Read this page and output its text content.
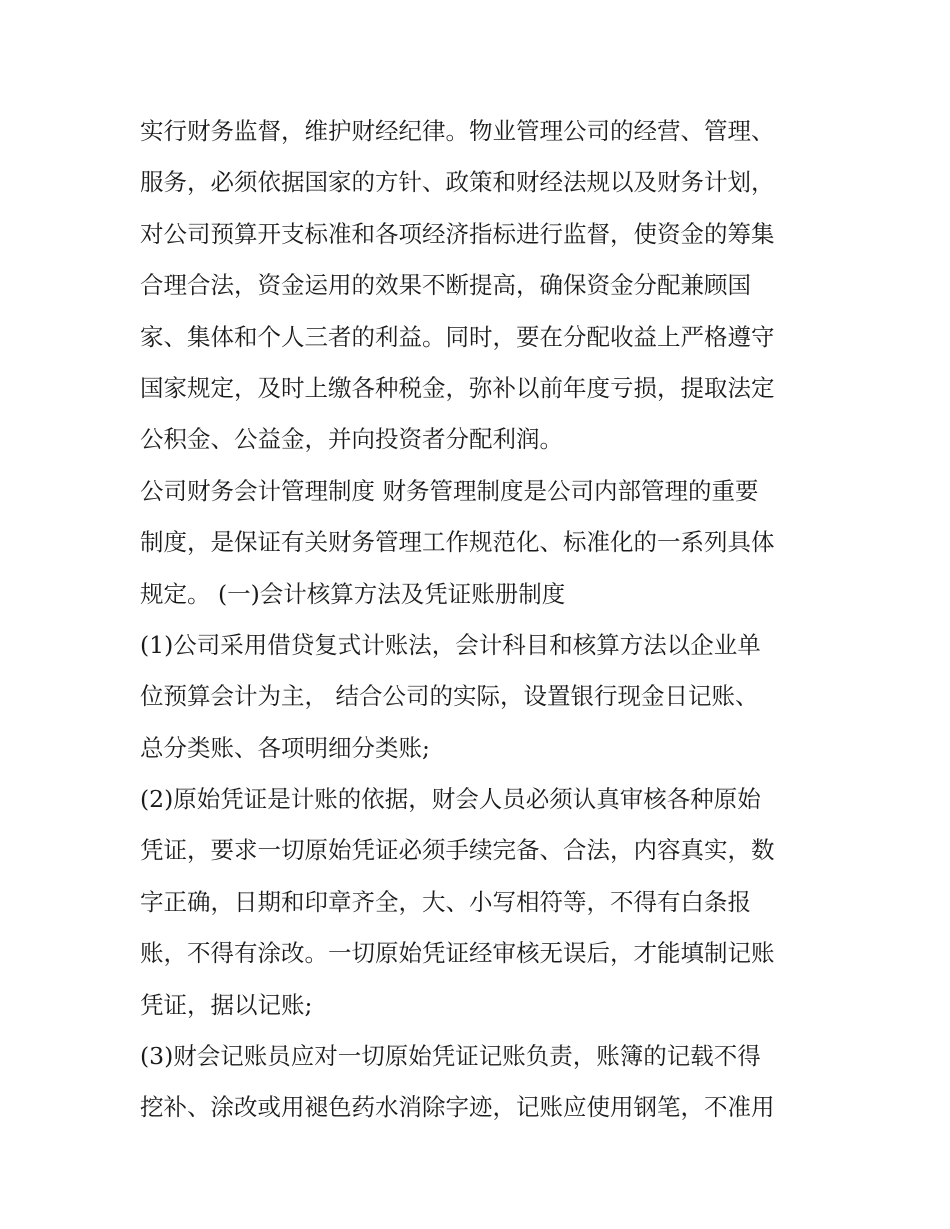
实行财务监督，维护财经纪律。物业管理公司的经营、管理、
服务，必须依据国家的方针、政策和财经法规以及财务计划，
对公司预算开支标准和各项经济指标进行监督，使资金的筹集
合理合法，资金运用的效果不断提高，确保资金分配兼顾国
家、集体和个人三者的利益。同时，要在分配收益上严格遵守
国家规定，及时上缴各种税金，弥补以前年度亏损，提取法定
公积金、公益金，并向投资者分配利润。
公司财务会计管理制度 财务管理制度是公司内部管理的重要
制度，是保证有关财务管理工作规范化、标准化的一系列具体
规定。 (一)会计核算方法及凭证账册制度
(1)公司采用借贷复式计账法，会计科目和核算方法以企业单
位预算会计为主， 结合公司的实际，设置银行现金日记账、
总分类账、各项明细分类账;
(2)原始凭证是计账的依据，财会人员必须认真审核各种原始
凭证，要求一切原始凭证必须手续完备、合法，内容真实，数
字正确，日期和印章齐全，大、小写相符等，不得有白条报
账，不得有涂改。一切原始凭证经审核无误后，才能填制记账
凭证，据以记账;
(3)财会记账员应对一切原始凭证记账负责，账簿的记载不得
挖补、涂改或用褪色药水消除字迹，记账应使用钢笔，不准用
